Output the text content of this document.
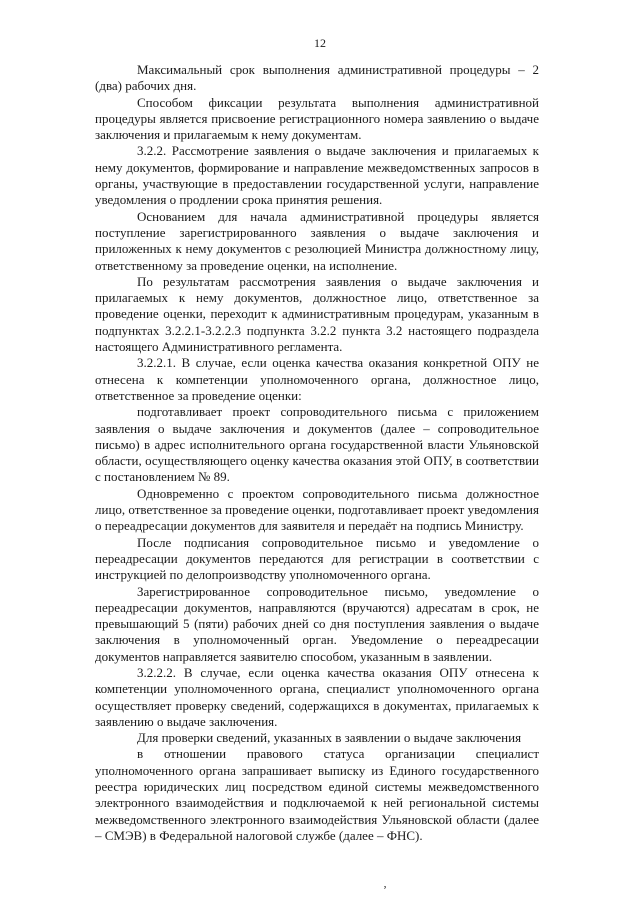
12

Максимальный срок выполнения административной процедуры – 2 (два) рабочих дня.

Способом фиксации результата выполнения административной процедуры является присвоение регистрационного номера заявлению о выдаче заключения и прилагаемым к нему документам.

3.2.2. Рассмотрение заявления о выдаче заключения и прилагаемых к нему документов, формирование и направление межведомственных запросов в органы, участвующие в предоставлении государственной услуги, направление уведомления о продлении срока принятия решения.

Основанием для начала административной процедуры является поступление зарегистрированного заявления о выдаче заключения и приложенных к нему документов с резолюцией Министра должностному лицу, ответственному за проведение оценки, на исполнение.

По результатам рассмотрения заявления о выдаче заключения и прилагаемых к нему документов, должностное лицо, ответственное за проведение оценки, переходит к административным процедурам, указанным в подпунктах 3.2.2.1-3.2.2.3 подпункта 3.2.2 пункта 3.2 настоящего подраздела настоящего Административного регламента.

3.2.2.1. В случае, если оценка качества оказания конкретной ОПУ не отнесена к компетенции уполномоченного органа, должностное лицо, ответственное за проведение оценки:

подготавливает проект сопроводительного письма с приложением заявления о выдаче заключения и документов (далее – сопроводительное письмо) в адрес исполнительного органа государственной власти Ульяновской области, осуществляющего оценку качества оказания этой ОПУ, в соответствии с постановлением № 89.

Одновременно с проектом сопроводительного письма должностное лицо, ответственное за проведение оценки, подготавливает проект уведомления о переадресации документов для заявителя и передаёт на подпись Министру.

После подписания сопроводительное письмо и уведомление о переадресации документов передаются для регистрации в соответствии с инструкцией по делопроизводству уполномоченного органа.

Зарегистрированное сопроводительное письмо, уведомление о переадресации документов, направляются (вручаются) адресатам в срок, не превышающий 5 (пяти) рабочих дней со дня поступления заявления о выдаче заключения в уполномоченный орган. Уведомление о переадресации документов направляется заявителю способом, указанным в заявлении.

3.2.2.2. В случае, если оценка качества оказания ОПУ отнесена к компетенции уполномоченного органа, специалист уполномоченного органа осуществляет проверку сведений, содержащихся в документах, прилагаемых к заявлению о выдаче заключения.

Для проверки сведений, указанных в заявлении о выдаче заключения

в отношении правового статуса организации специалист уполномоченного органа запрашивает выписку из Единого государственного реестра юридических лиц посредством единой системы межведомственного электронного взаимодействия и подключаемой к ней региональной системы межведомственного электронного взаимодействия Ульяновской области (далее – СМЭВ) в Федеральной налоговой службе (далее – ФНС).

ʼ
